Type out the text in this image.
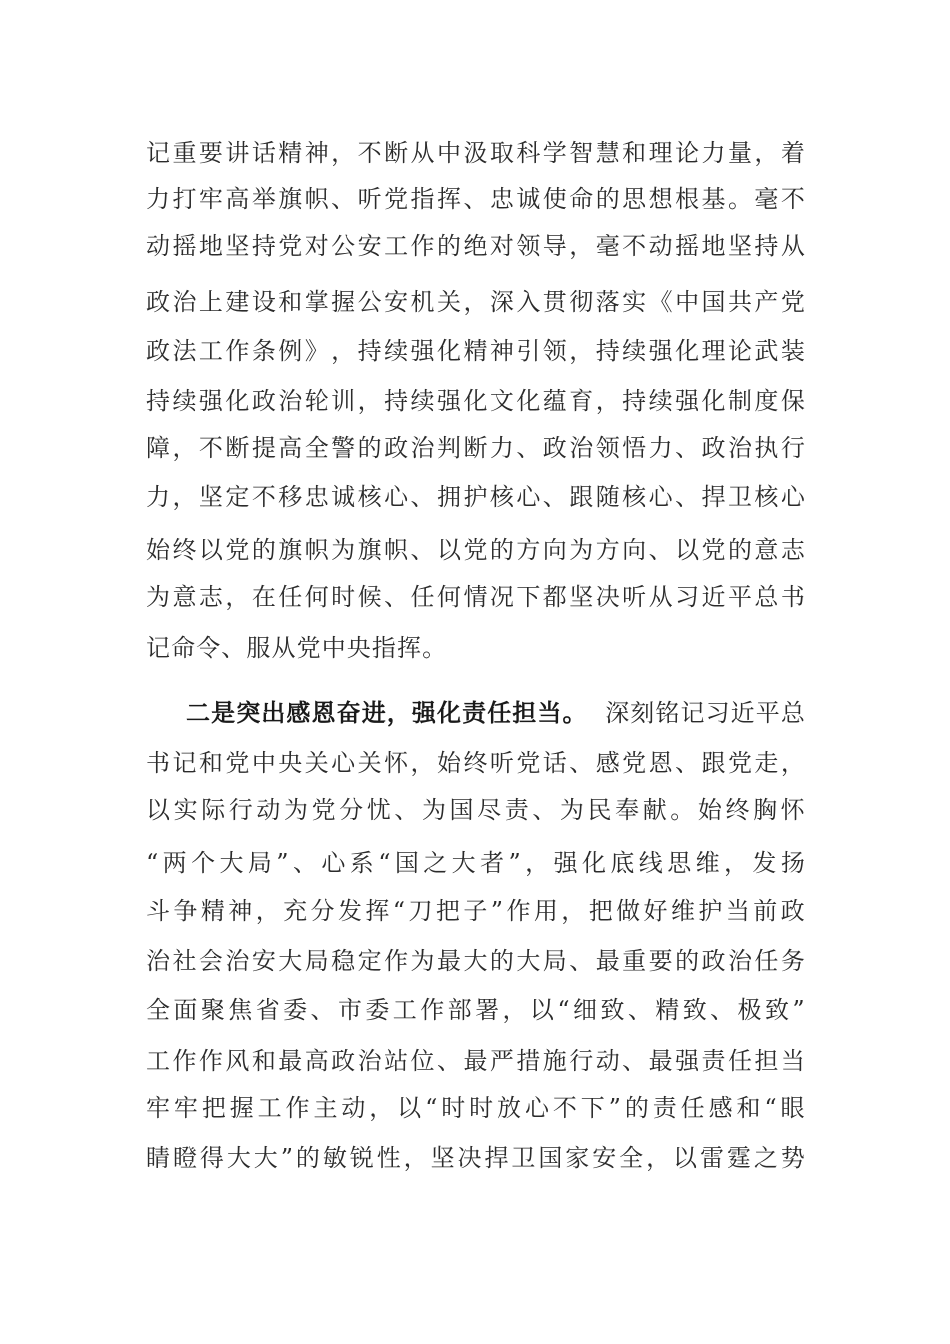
记 重 要 讲 话 精 神 ， 不 断 从 中 汲 取 科 学 智 慧 和 理 论 力 量 ， 着
力 打 牢 高 举 旗 帜 、 听 党 指 挥 、 忠 诚 使 命 的 思 想 根 基 。 毫 不
动 摇 地 坚 持 党 对 公 安 工 作 的 绝 对 领 导 ， 毫 不 动 摇 地 坚 持 从
政 治 上 建 设 和 掌 握 公 安 机 关 ， 深 入 贯 彻 落 实 《 中 国 共 产 党
政 法 工 作 条 例 》 ， 持 续 强 化 精 神 引 领 ， 持 续 强 化 理 论 武 装
持 续 强 化 政 治 轮 训 ， 持 续 强 化 文 化 蕴 育 ， 持 续 强 化 制 度 保
障 ， 不 断 提 高 全 警 的 政 治 判 断 力 、 政 治 领 悟 力 、 政 治 执 行
力 ， 坚 定 不 移 忠 诚 核 心 、 拥 护 核 心 、 跟 随 核 心 、 捍 卫 核 心
始 终 以 党 的 旗 帜 为 旗 帜 、 以 党 的 方 向 为 方 向 、 以 党 的 意 志
为 意 志 ， 在 任 何 时 候 、 任 何 情 况 下 都 坚 决 听 从 习 近 平 总 书
记命令、服从党中央指挥。
二是突出感恩奋进，强化责任担当。 深刻铭记习近平总
书 记 和 党 中 央 关 心 关 怀 ， 始 终 听 党 话 、 感 党 恩 、 跟 党 走 ，
以 实 际 行 动 为 党 分 忧 、 为 国 尽 责 、 为 民 奉 献 。 始 终 胸 怀
“ 两 个 大 局 ” 、 心 系 “ 国 之 大 者 ” ， 强 化 底 线 思 维 ， 发 扬
斗 争 精 神 ， 充 分 发 挥 “ 刀 把 子 ” 作 用 ， 把 做 好 维 护 当 前 政
治 社 会 治 安 大 局 稳 定 作 为 最 大 的 大 局 、 最 重 要 的 政 治 任 务
全 面 聚 焦 省 委 、 市 委 工 作 部 署 ， 以 “ 细 致 、 精 致 、 极 致 ”
工 作 作 风 和 最 高 政 治 站 位 、 最 严 措 施 行 动 、 最 强 责 任 担 当
牢 牢 把 握 工 作 主 动 ， 以 “ 时 时 放 心 不 下 ” 的 责 任 感 和 “ 眼
睛 瞪 得 大 大 ” 的 敏 锐 性 ， 坚 决 捍 卫 国 家 安 全 ， 以 雷 霆 之 势
